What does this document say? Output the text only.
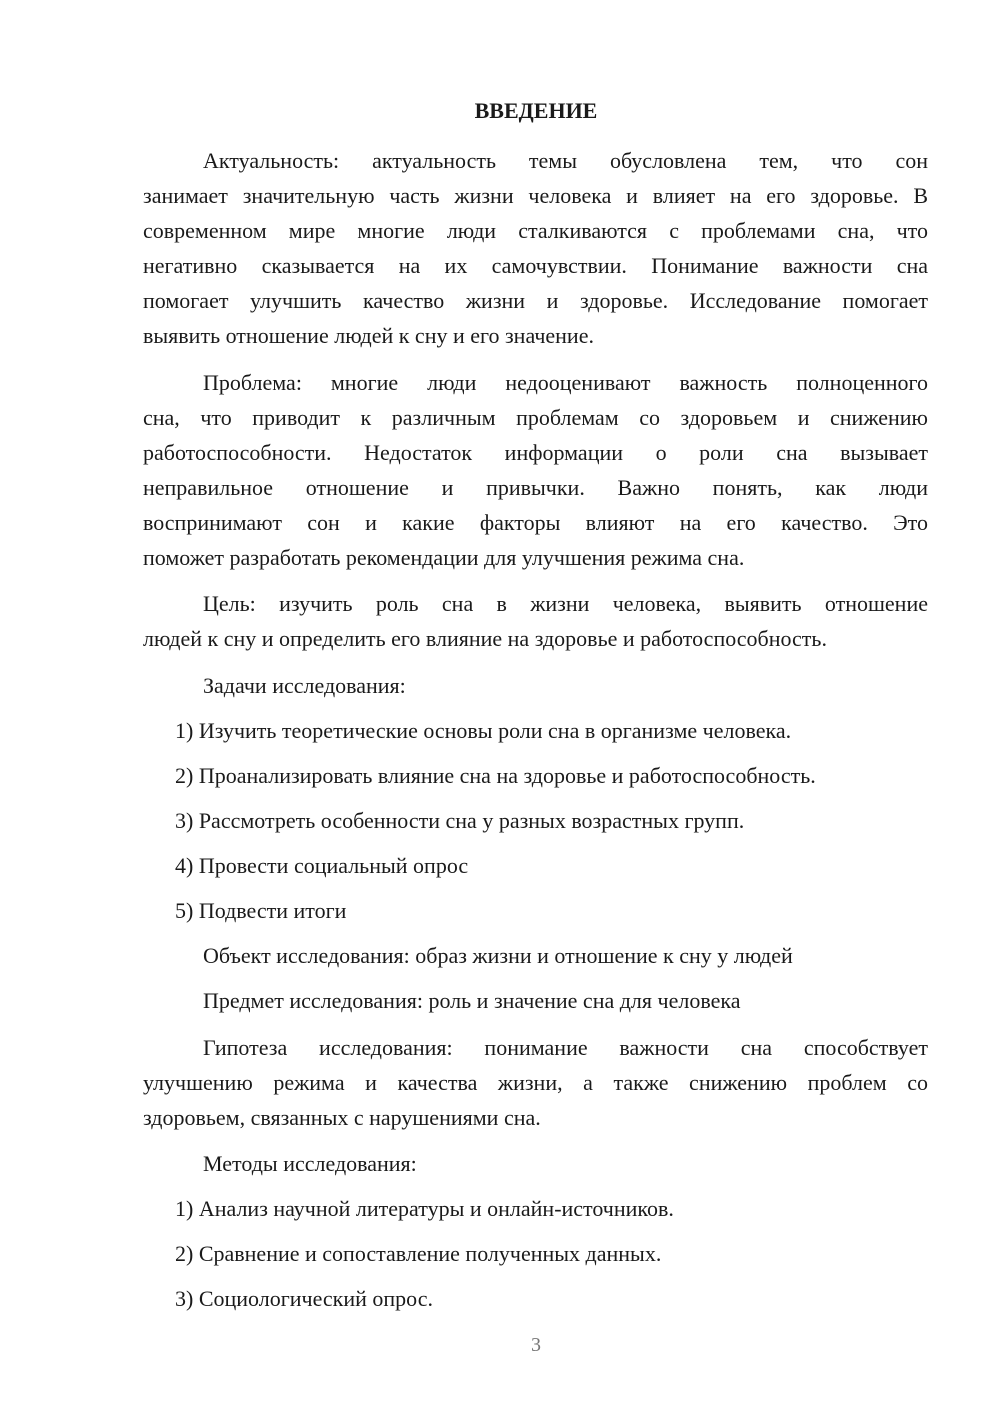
ВВЕДЕНИЕ
Актуальность: актуальность темы обусловлена тем, что сон
занимает значительную часть жизни человека и влияет на его здоровье. В
современном мире многие люди сталкиваются с проблемами сна, что
негативно сказывается на их самочувствии. Понимание важности сна
помогает улучшить качество жизни и здоровье. Исследование помогает
выявить отношение людей к сну и его значение.
Проблема: многие люди недооценивают важность полноценного
сна, что приводит к различным проблемам со здоровьем и снижению
работоспособности. Недостаток информации о роли сна вызывает
неправильное отношение и привычки. Важно понять, как люди
воспринимают сон и какие факторы влияют на его качество. Это
поможет разработать рекомендации для улучшения режима сна.
Цель: изучить роль сна в жизни человека, выявить отношение
людей к сну и определить его влияние на здоровье и работоспособность.
Задачи исследования:
1) Изучить теоретические основы роли сна в организме человека.
2) Проанализировать влияние сна на здоровье и работоспособность.
3) Рассмотреть особенности сна у разных возрастных групп.
4) Провести социальный опрос
5) Подвести итоги
Объект исследования: образ жизни и отношение к сну у людей
Предмет исследования: роль и значение сна для человека
Гипотеза исследования: понимание важности сна способствует
улучшению режима и качества жизни, а также снижению проблем со
здоровьем, связанных с нарушениями сна.
Методы исследования:
1) Анализ научной литературы и онлайн-источников.
2) Сравнение и сопоставление полученных данных.
3) Социологический опрос.
3
